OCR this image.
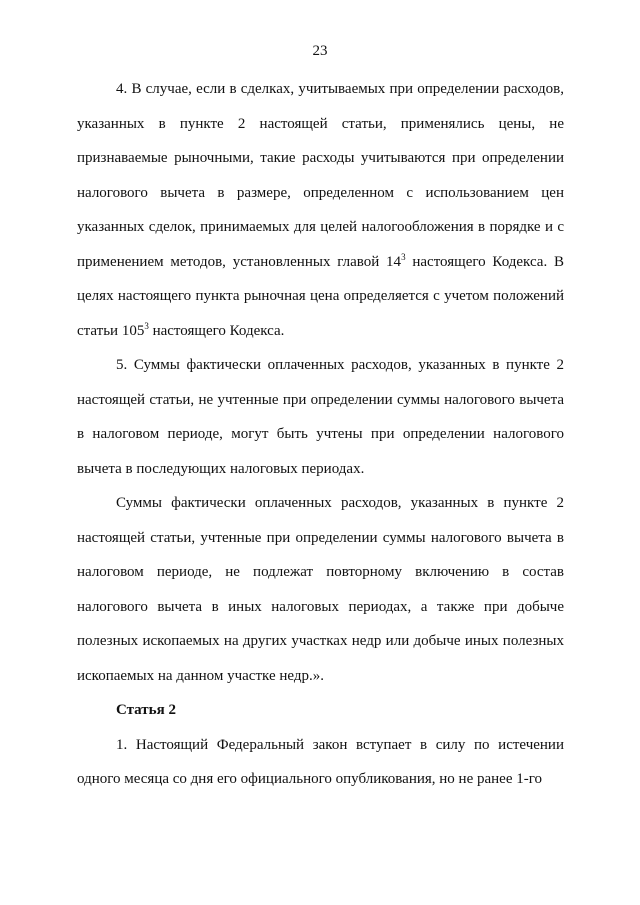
23

4. В случае, если в сделках, учитываемых при определении расходов, указанных в пункте 2 настоящей статьи, применялись цены, не признаваемые рыночными, такие расходы учитываются при определении налогового вычета в размере, определенном с использованием цен указанных сделок, принимаемых для целей налогообложения в порядке и с применением методов, установленных главой $14^3$ настоящего Кодекса. В целях настоящего пункта рыночная цена определяется с учетом положений статьи $105^3$ настоящего Кодекса.

5. Суммы фактически оплаченных расходов, указанных в пункте 2 настоящей статьи, не учтенные при определении суммы налогового вычета в налоговом периоде, могут быть учтены при определении налогового вычета в последующих налоговых периодах.

Суммы фактически оплаченных расходов, указанных в пункте 2 настоящей статьи, учтенные при определении суммы налогового вычета в налоговом периоде, не подлежат повторному включению в состав налогового вычета в иных налоговых периодах, а также при добыче полезных ископаемых на других участках недр или добыче иных полезных ископаемых на данном участке недр.».

Статья 2

1. Настоящий Федеральный закон вступает в силу по истечении одного месяца со дня его официального опубликования, но не ранее 1-го
